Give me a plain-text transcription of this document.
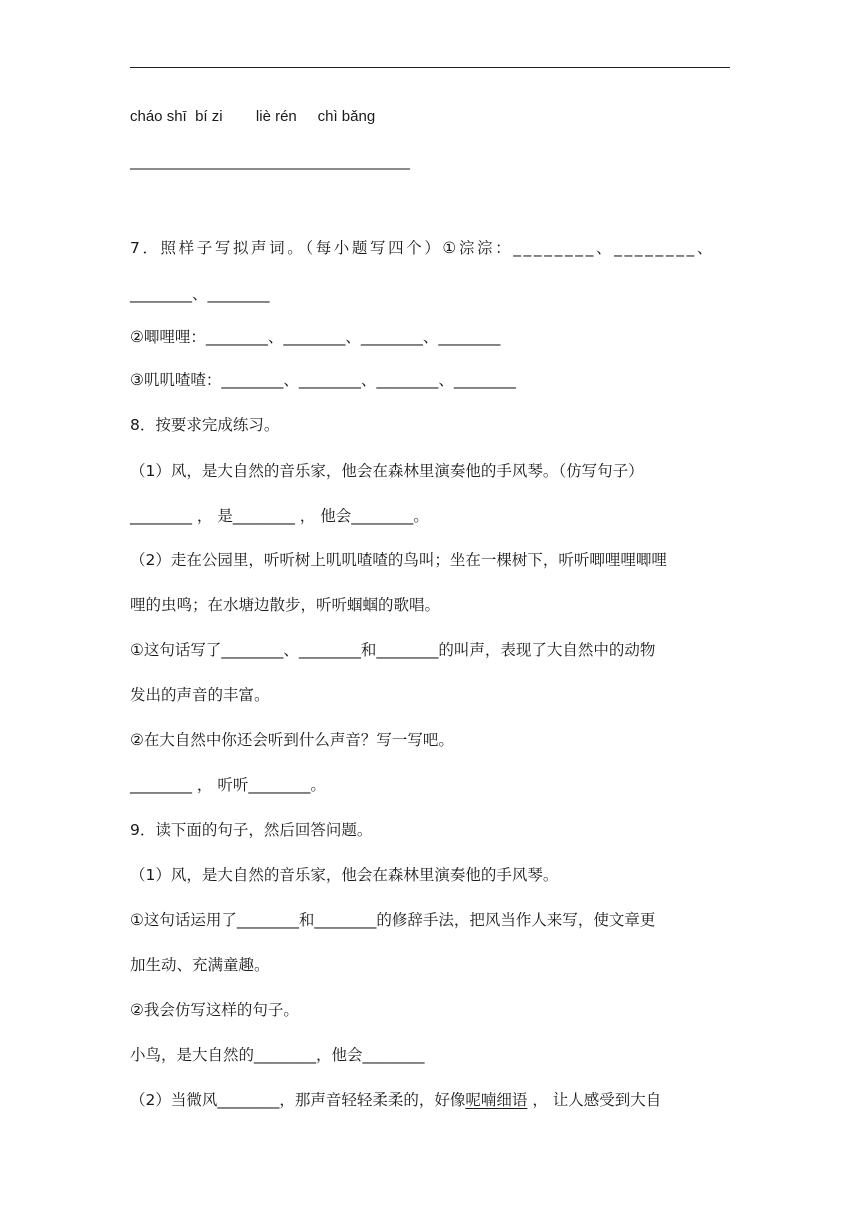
cháo shī bí zi liè rén chì bǎng
________________________________________
7．照样子写拟声词。（每小题写四个）①淙淙：________、________、
________、________
②唧哩哩：________、________、________、________
③叽叽喳喳：________、________、________、________
8．按要求完成练习。
（1）风，是大自然的音乐家，他会在森林里演奏他的手风琴。（仿写句子）
________ ， 是________ ， 他会________。
（2）走在公园里，听听树上叽叽喳喳的鸟叫；坐在一棵树下，听听唧哩哩唧哩
哩的虫鸣；在水塘边散步，听听蝈蝈的歌唱。
①这句话写了________、________和________的叫声，表现了大自然中的动物
发出的声音的丰富。
②在大自然中你还会听到什么声音？写一写吧。
________ ， 听听________。
9．读下面的句子，然后回答问题。
（1）风，是大自然的音乐家，他会在森林里演奏他的手风琴。
①这句话运用了________和________的修辞手法，把风当作人来写，使文章更
加生动、充满童趣。
②我会仿写这样的句子。
小鸟，是大自然的________，他会________
（2）当微风________，那声音轻轻柔柔的，好像呢喃细语 ， 让人感受到大自
